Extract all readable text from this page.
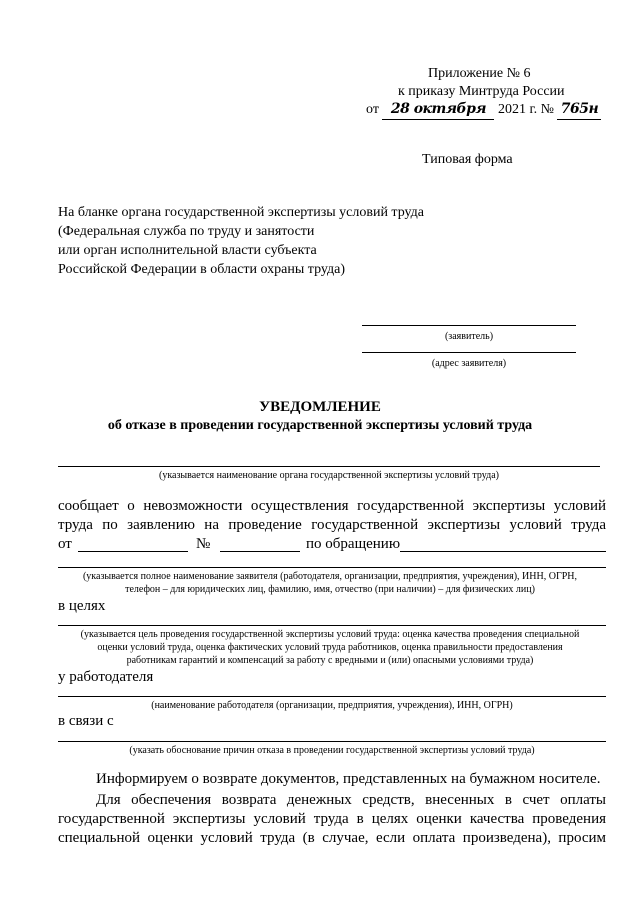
Приложение № 6
к приказу Минтруда России
от 28 октября 2021 г. № 765н
Типовая форма
На бланке органа государственной экспертизы условий труда
(Федеральная служба по труду и занятости
или орган исполнительной власти субъекта
Российской Федерации в области охраны труда)
(заявитель)
(адрес заявителя)
УВЕДОМЛЕНИЕ
об отказе в проведении государственной экспертизы условий труда
(указывается наименование органа государственной экспертизы условий труда)
сообщает о невозможности осуществления государственной экспертизы условий
труда по заявлению на проведение государственной экспертизы условий труда
от	№	по обращению
(указывается полное наименование заявителя (работодателя, организации, предприятия, учреждения), ИНН, ОГРН,
телефон – для юридических лиц, фамилию, имя, отчество (при наличии) – для физических лиц)
в целях
(указывается цель проведения государственной экспертизы условий труда: оценка качества проведения специальной
оценки условий труда, оценка фактических условий труда работников, оценка правильности предоставления
работникам гарантий и компенсаций за работу с вредными и (или) опасными условиями труда)
у работодателя
(наименование работодателя (организации, предприятия, учреждения), ИНН, ОГРН)
в связи с
(указать обоснование причин отказа в проведении государственной экспертизы условий труда)
Информируем о возврате документов, представленных на бумажном носителе.
Для обеспечения возврата денежных средств, внесенных в счет оплаты
государственной экспертизы условий труда в целях оценки качества проведения
специальной оценки условий труда (в случае, если оплата произведена), просим
